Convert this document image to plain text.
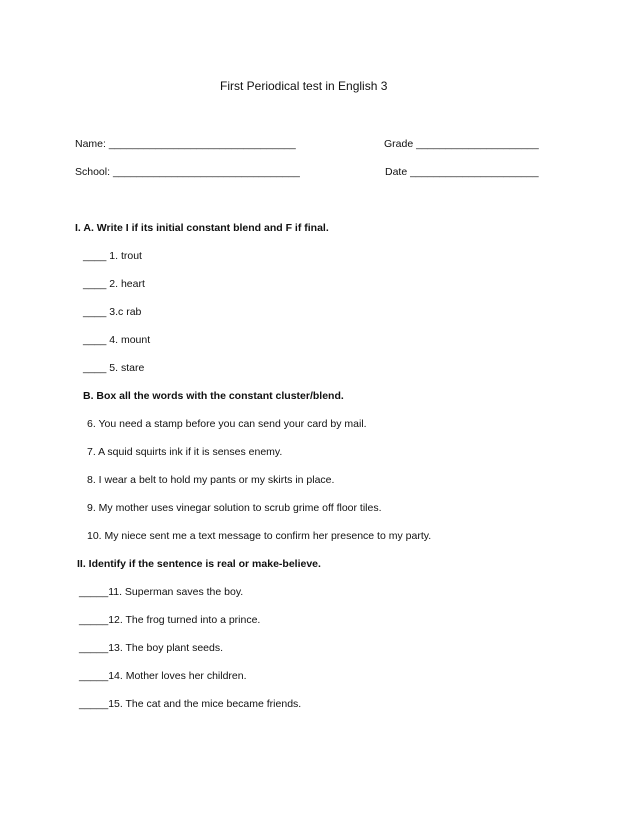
First Periodical test in English 3
Name: ________________________________	Grade _____________________
School: ________________________________	Date ______________________
I. A. Write I if its initial constant blend and F if final.
____ 1. trout
____ 2. heart
____ 3.c rab
____ 4. mount
____ 5. stare
B. Box all the words with the constant cluster/blend.
6. You need a stamp before you can send your card by mail.
7. A squid squirts ink if it is senses enemy.
8. I wear a belt to hold my pants or my skirts in place.
9. My mother uses vinegar solution to scrub grime off floor tiles.
10. My niece sent me a text message to confirm her presence to my party.
II. Identify if the sentence is real or make-believe.
_____11. Superman saves the boy.
_____12. The frog turned into a prince.
_____13. The boy plant seeds.
_____14. Mother loves her children.
_____15. The cat and the mice became friends.
